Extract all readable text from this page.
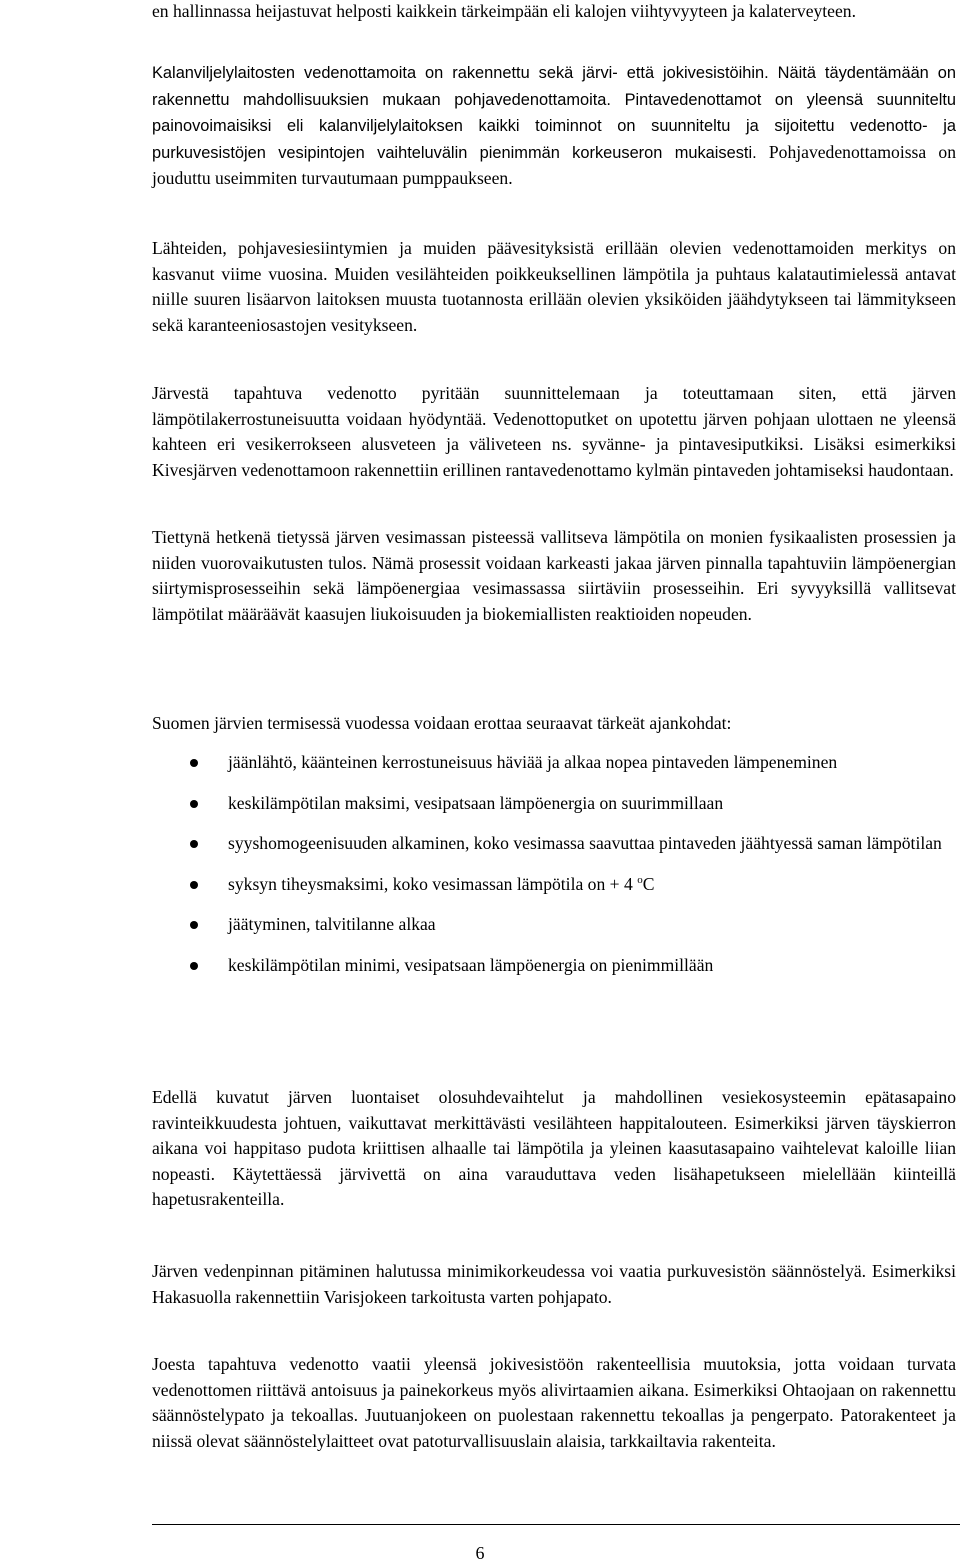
en hallinnassa heijastuvat helposti kaikkein tärkeimpään eli kalojen viihtyvyyteen ja kalaterveyteen.

Kalanviljelylaitosten vedenottamoita on rakennettu sekä järvi- että jokivesistöihin. Näitä täydentämään on rakennettu mahdollisuuksien mukaan pohjavedenottamoita. Pintavedenottamot on yleensä suunniteltu painovoimaisiksi eli kalanviljelylaitoksen kaikki toiminnot on suunniteltu ja sijoitettu vedenotto- ja purkuvesistöjen vesipintojen vaihteluvälin pienimmän korkeuseron mukaisesti. Pohjavedenottamoissa on jouduttu useimmiten turvautumaan pumppaukseen.

Lähteiden, pohjavesiesiintymien ja muiden päävesityksistä erillään olevien vedenottamoiden merkitys on kasvanut viime vuosina. Muiden vesilähteiden poikkeuksellinen lämpötila ja puhtaus kalatautimielessä antavat niille suuren lisäarvon laitoksen muusta tuotannosta erillään olevien yksiköiden jäähdytykseen tai lämmitykseen sekä karanteeniosastojen vesitykseen.

Järvestä tapahtuva vedenotto pyritään suunnittelemaan ja toteuttamaan siten, että järven lämpötilakerrostuneisuutta voidaan hyödyntää. Vedenottoputket on upotettu järven pohjaan ulottaen ne yleensä kahteen eri vesikerrokseen alusveteen ja väliveteen ns. syvänne- ja pintavesiputkiksi. Lisäksi esimerkiksi Kivesjärven vedenottamoon rakennettiin erillinen rantavedenottamo kylmän pintaveden johtamiseksi haudontaan.

Tiettynä hetkenä tietyssä järven vesimassan pisteessä vallitseva lämpötila on monien fysikaalisten prosessien ja niiden vuorovaikutusten tulos. Nämä prosessit voidaan karkeasti jakaa järven pinnalla tapahtuviin lämpöenergian siirtymisprosesseihin sekä lämpöenergiaa vesimassassa siirtäviin prosesseihin. Eri syvyyksillä vallitsevat lämpötilat määräävät kaasujen liukoisuuden ja biokemiallisten reaktioiden nopeuden.

Suomen järvien termisessä vuodessa voidaan erottaa seuraavat tärkeät ajankohdat:

jäänlähtö, käänteinen kerrostuneisuus häviää ja alkaa nopea pintaveden lämpeneminen
keskilämpötilan maksimi, vesipatsaan lämpöenergia on suurimmillaan
syyshomogeenisuuden alkaminen, koko vesimassa saavuttaa pintaveden jäähtyessä saman lämpötilan
syksyn tiheysmaksimi, koko vesimassan lämpötila on + 4 $^o$C
jäätyminen, talvitilanne alkaa
keskilämpötilan minimi, vesipatsaan lämpöenergia on pienimmillään

Edellä kuvatut järven luontaiset olosuhdevaihtelut ja mahdollinen vesiekosysteemin epätasapaino ravinteikkuudesta johtuen, vaikuttavat merkittävästi vesilähteen happitalouteen. Esimerkiksi järven täyskierron aikana voi happitaso pudota kriittisen alhaalle tai lämpötila ja yleinen kaasutasapaino vaihtelevat kaloille liian nopeasti. Käytettäessä järvivettä on aina varauduttava veden lisähapetukseen mielellään kiinteillä hapetusrakenteilla.

Järven vedenpinnan pitäminen halutussa minimikorkeudessa voi vaatia purkuvesistön säännöstelyä. Esimerkiksi Hakasuolla rakennettiin Varisjokeen tarkoitusta varten pohjapato.

Joesta tapahtuva vedenotto vaatii yleensä jokivesistöön rakenteellisia muutoksia, jotta voidaan turvata vedenottomen riittävä antoisuus ja painekorkeus myös alivirtaamien aikana. Esimerkiksi Ohtaojaan on rakennettu säännöstelypato ja tekoallas. Juutuanjokeen on puolestaan rakennettu tekoallas ja pengerpato. Patorakenteet ja niissä olevat säännöstelylaitteet ovat patoturvallisuuslain alaisia, tarkkailtavia rakenteita.

6
